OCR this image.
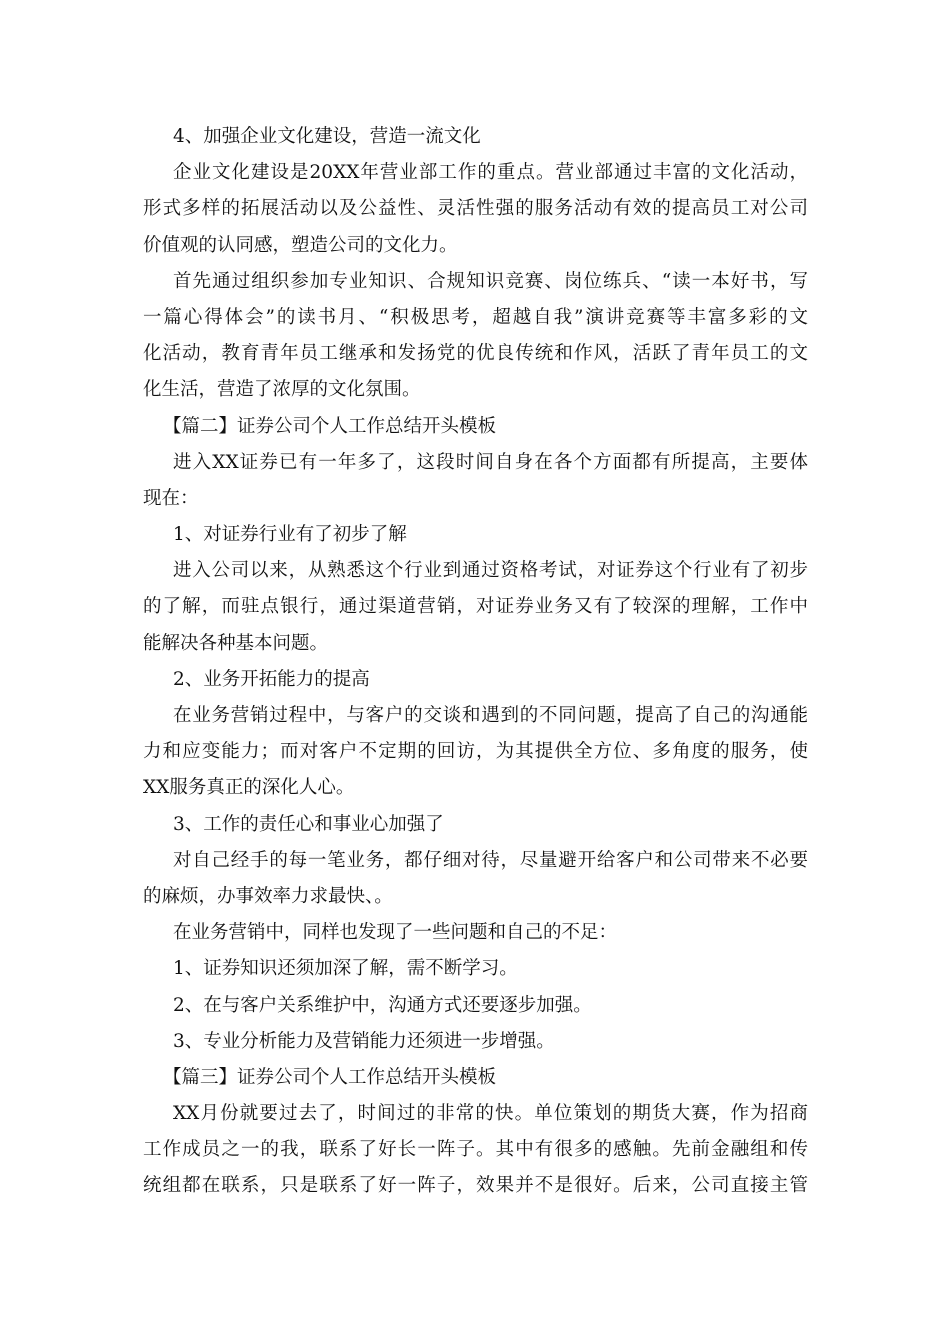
4、加强企业文化建设，营造一流文化
企业文化建设是20XX年营业部工作的重点。营业部通过丰富的文化活动，
形式多样的拓展活动以及公益性、灵活性强的服务活动有效的提高员工对公司
价值观的认同感，塑造公司的文化力。
首先通过组织参加专业知识、合规知识竞赛、岗位练兵、“读一本好书，写
一篇心得体会”的读书月、“积极思考，超越自我”演讲竞赛等丰富多彩的文
化活动，教育青年员工继承和发扬党的优良传统和作风，活跃了青年员工的文
化生活，营造了浓厚的文化氛围。
【篇二】证券公司个人工作总结开头模板
进入XX证券已有一年多了，这段时间自身在各个方面都有所提高，主要体
现在：
1、对证券行业有了初步了解
进入公司以来，从熟悉这个行业到通过资格考试，对证券这个行业有了初步
的了解，而驻点银行，通过渠道营销，对证券业务又有了较深的理解，工作中
能解决各种基本问题。
2、业务开拓能力的提高
在业务营销过程中，与客户的交谈和遇到的不同问题，提高了自己的沟通能
力和应变能力；而对客户不定期的回访，为其提供全方位、多角度的服务，使
XX服务真正的深化人心。
3、工作的责任心和事业心加强了
对自己经手的每一笔业务，都仔细对待，尽量避开给客户和公司带来不必要
的麻烦，办事效率力求最快、。
在业务营销中，同样也发现了一些问题和自己的不足：
1、证券知识还须加深了解，需不断学习。
2、在与客户关系维护中，沟通方式还要逐步加强。
3、专业分析能力及营销能力还须进一步增强。
【篇三】证券公司个人工作总结开头模板
XX月份就要过去了，时间过的非常的快。单位策划的期货大赛，作为招商
工作成员之一的我，联系了好长一阵子。其中有很多的感触。先前金融组和传
统组都在联系，只是联系了好一阵子，效果并不是很好。后来，公司直接主管
